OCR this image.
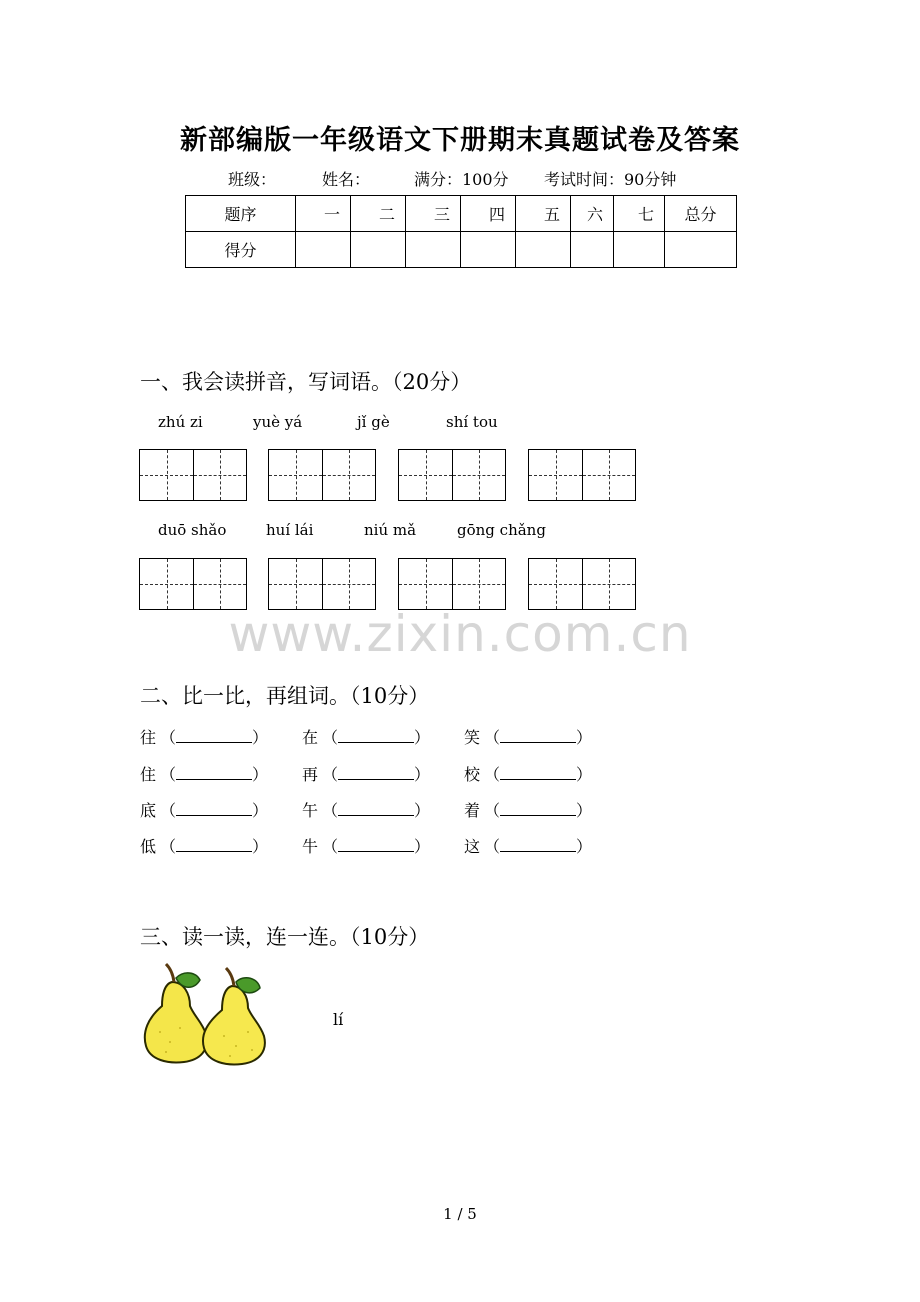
新部编版一年级语文下册期末真题试卷及答案
班级：	姓名：	满分：100分 考试时间：90分钟
题序	一	二	三	四	五	六	七	总分
得分								
一、我会读拼音，写词语。（20分）
zhú zi	yuè yá	jǐ gè	shí tou
duō shǎo	huí lái	niú mǎ	gōng chǎng
www.zixin.com.cn
二、比一比，再组词。（10分）
往 （	） 在 （	） 笑 （	）
住 （	） 再 （	） 校 （	）
底 （	） 午 （	） 着 （	）
低 （	） 牛 （	） 这 （	）
三、读一读，连一连。（10分）
lí
1 / 5
